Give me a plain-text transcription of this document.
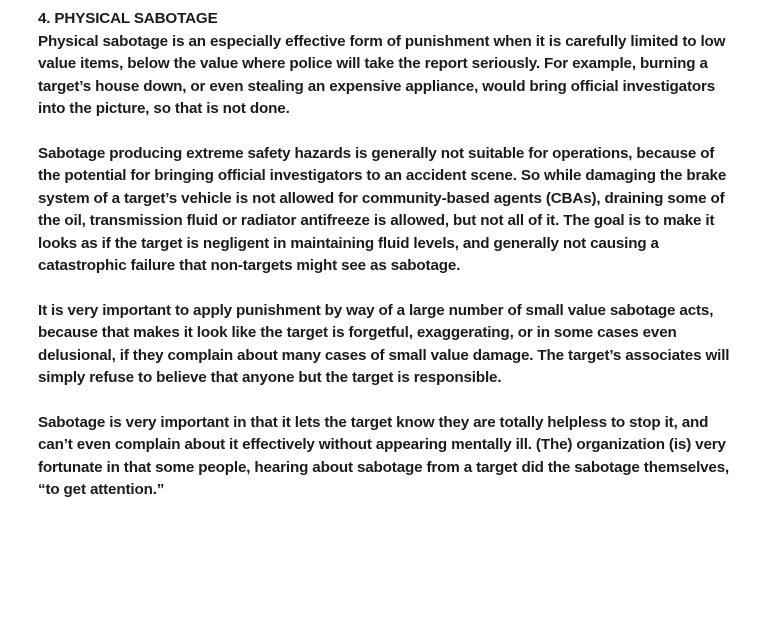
4. PHYSICAL SABOTAGE

Physical sabotage is an especially effective form of punishment when it is carefully limited to low value items, below the value where police will take the report seriously. For example, burning a target’s house down, or even stealing an expensive appliance, would bring official investigators into the picture, so that is not done.

Sabotage producing extreme safety hazards is generally not suitable for operations, because of the potential for bringing official investigators to an accident scene. So while damaging the brake system of a target’s vehicle is not allowed for community-based agents (CBAs), draining some of the oil, transmission fluid or radiator antifreeze is allowed, but not all of it. The goal is to make it looks as if the target is negligent in maintaining fluid levels, and generally not causing a catastrophic failure that non-targets might see as sabotage.

It is very important to apply punishment by way of a large number of small value sabotage acts, because that makes it look like the target is forgetful, exaggerating, or in some cases even delusional, if they complain about many cases of small value damage. The target’s associates will simply refuse to believe that anyone but the target is responsible.

Sabotage is very important in that it lets the target know they are totally helpless to stop it, and can’t even complain about it effectively without appearing mentally ill. (The) organization (is) very fortunate in that some people, hearing about sabotage from a target did the sabotage themselves, “to get attention.”
